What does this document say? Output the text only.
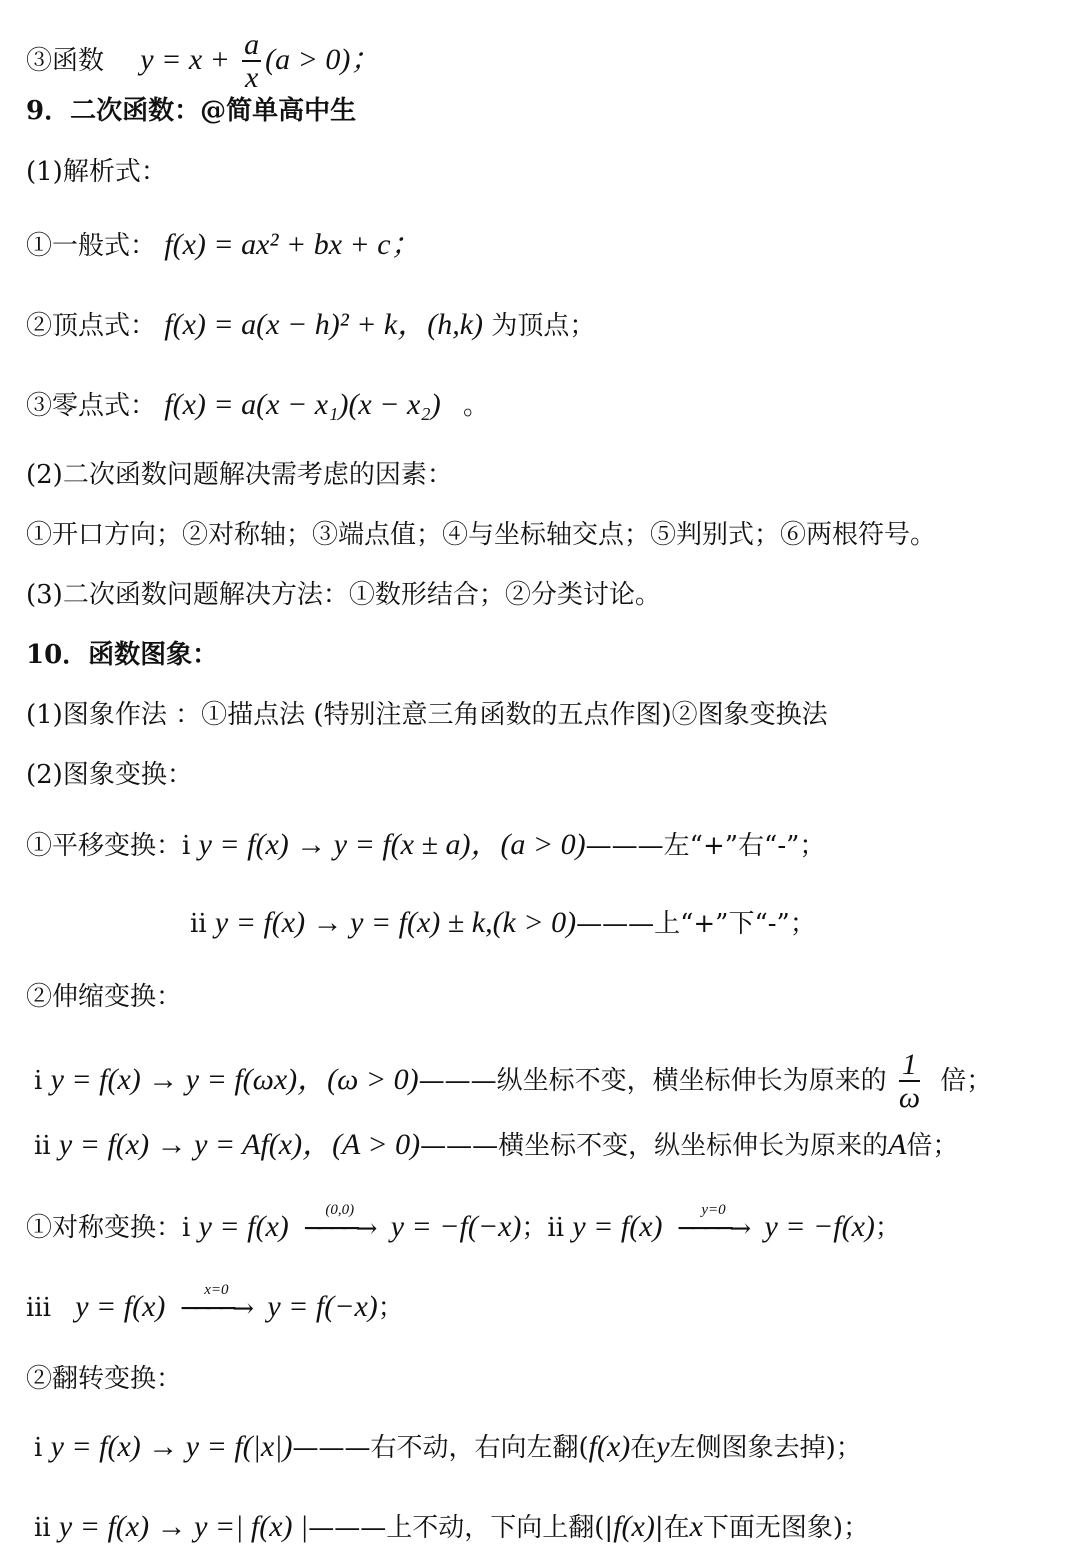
③函数 $y = x + \frac{a}{x} (a > 0)$；
9．二次函数：@简单高中生
(1)解析式：
①一般式： f(x) = ax² + bx + c；
②顶点式： f(x) = a(x − h)² + k，(h,k) 为顶点；
③零点式： f(x) = a(x − x₁)(x − x₂) 。
(2)二次函数问题解决需考虑的因素：
①开口方向；②对称轴；③端点值；④与坐标轴交点；⑤判别式；⑥两根符号。
(3)二次函数问题解决方法：①数形结合；②分类讨论。
10．函数图象：
(1)图象作法 ：①描点法 (特别注意三角函数的五点作图)②图象变换法
(2)图象变换：
①平移变换：ⅰ y = f(x) → y = f(x ± a)，(a > 0)———左“+”右“-”；
ⅱ y = f(x) → y = f(x) ± k,(k > 0)———上“+”下“-”；
②伸缩变换：
ⅰ y = f(x) → y = f(ωx)，(ω > 0)———纵坐标不变，横坐标伸长为原来的 $\frac{1}{\omega}$ 倍；
ⅱ y = f(x) → y = Af(x)，(A > 0)———横坐标不变，纵坐标伸长为原来的A倍；
①对称变换：ⅰ y = f(x)	(0,0)
────→ y = −f(−x)；ⅱ y = f(x)	y=0
────→ y = −f(x)；
ⅲ y = f(x)	x=0
────→ y = f(−x)；
②翻转变换：
ⅰ y = f(x) → y = f(|x|)———右不动，右向左翻(f(x)在y左侧图象去掉)；
ⅱ y = f(x) → y =| f(x) |———上不动，下向上翻(|f(x)|在x下面无图象)；
